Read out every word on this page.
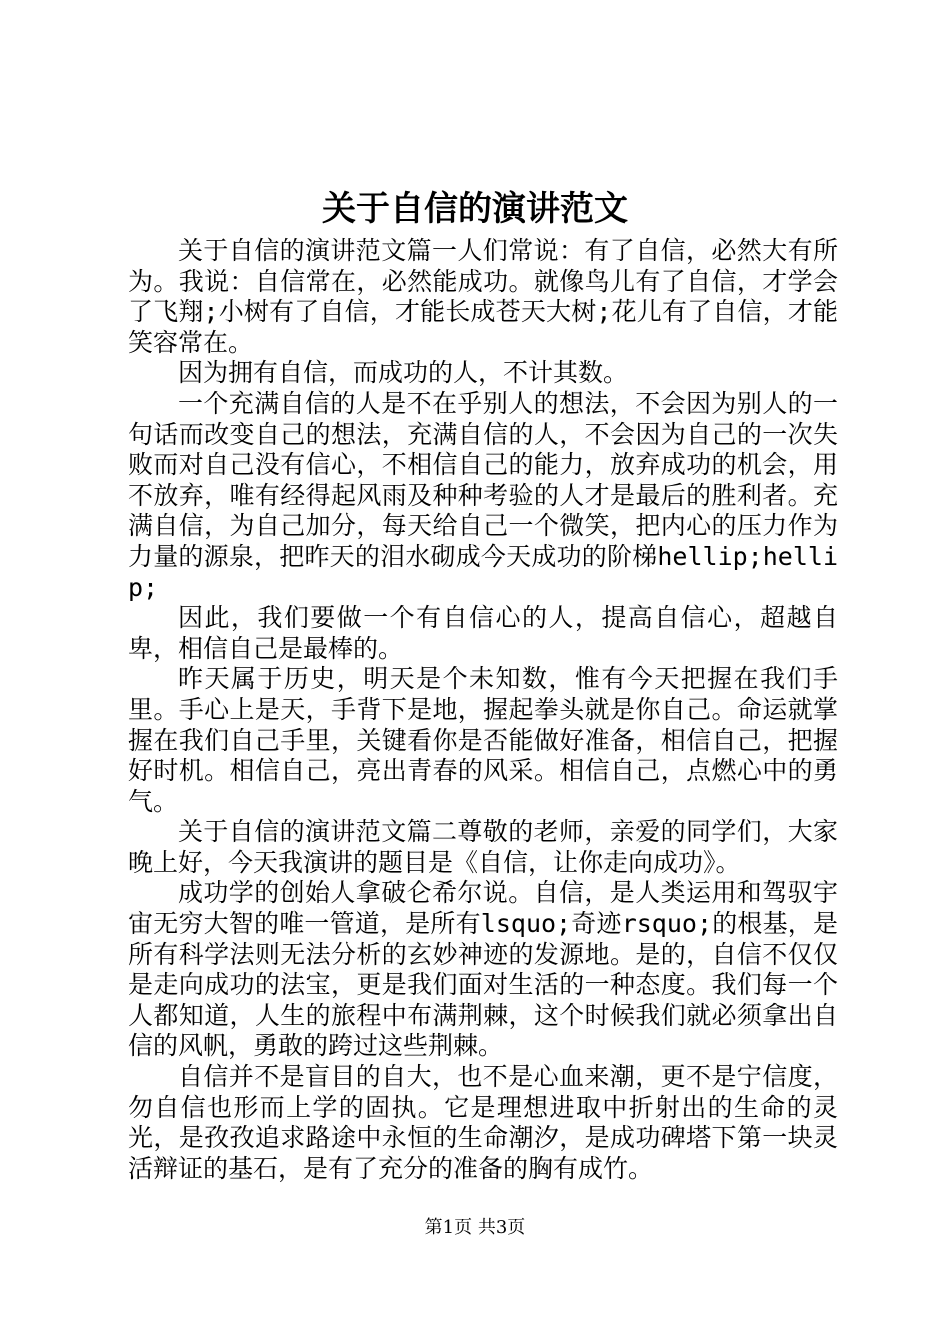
关于自信的演讲范文

关于自信的演讲范文篇一人们常说：有了自信，必然大有所为。我说：自信常在，必然能成功。就像鸟儿有了自信，才学会了飞翔;小树有了自信，才能长成苍天大树;花儿有了自信，才能笑容常在。

因为拥有自信，而成功的人，不计其数。

一个充满自信的人是不在乎别人的想法，不会因为别人的一句话而改变自己的想法，充满自信的人，不会因为自己的一次失败而对自己没有信心，不相信自己的能力，放弃成功的机会，用不放弃，唯有经得起风雨及种种考验的人才是最后的胜利者。充满自信，为自己加分，每天给自己一个微笑，把内心的压力作为力量的源泉，把昨天的泪水砌成今天成功的阶梯hellip;hellip;

因此，我们要做一个有自信心的人，提高自信心，超越自卑，相信自己是最棒的。

昨天属于历史，明天是个未知数，惟有今天把握在我们手里。手心上是天，手背下是地，握起拳头就是你自己。命运就掌握在我们自己手里，关键看你是否能做好准备，相信自己，把握好时机。相信自己，亮出青春的风采。相信自己，点燃心中的勇气。

关于自信的演讲范文篇二尊敬的老师，亲爱的同学们，大家晚上好，今天我演讲的题目是《自信，让你走向成功》。

成功学的创始人拿破仑希尔说。自信，是人类运用和驾驭宇宙无穷大智的唯一管道，是所有lsquo;奇迹rsquo;的根基，是所有科学法则无法分析的玄妙神迹的发源地。是的，自信不仅仅是走向成功的法宝，更是我们面对生活的一种态度。我们每一个人都知道，人生的旅程中布满荆棘，这个时候我们就必须拿出自信的风帆，勇敢的跨过这些荆棘。

自信并不是盲目的自大，也不是心血来潮，更不是宁信度，勿自信也形而上学的固执。它是理想进取中折射出的生命的灵光，是孜孜追求路途中永恒的生命潮汐，是成功碑塔下第一块灵活辩证的基石，是有了充分的准备的胸有成竹。

第1页 共3页
